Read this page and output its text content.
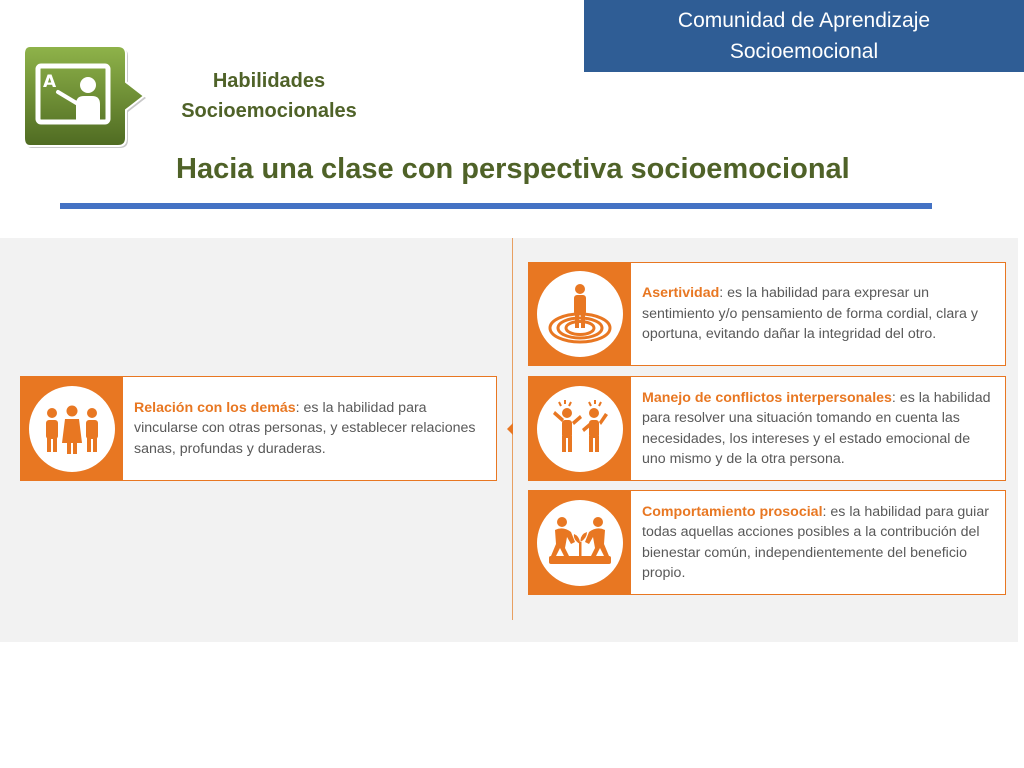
Comunidad de Aprendizaje
Socioemocional
A	Habilidades
Socioemocionales
Hacia una clase con perspectiva socioemocional

Relación con los demás: es la habilidad para vincularse con otras personas, y establecer relaciones sanas, profundas y duraderas.

Asertividad: es la habilidad para expresar un sentimiento y/o pensamiento de forma cordial, clara y oportuna, evitando dañar la integridad del otro.

Manejo de conflictos interpersonales: es la habilidad para resolver una situación tomando en cuenta las necesidades, los intereses y el estado emocional de uno mismo y de la otra persona.

Comportamiento prosocial: es la habilidad para guiar todas aquellas acciones posibles a la contribución del bienestar común, independientemente del beneficio propio.
